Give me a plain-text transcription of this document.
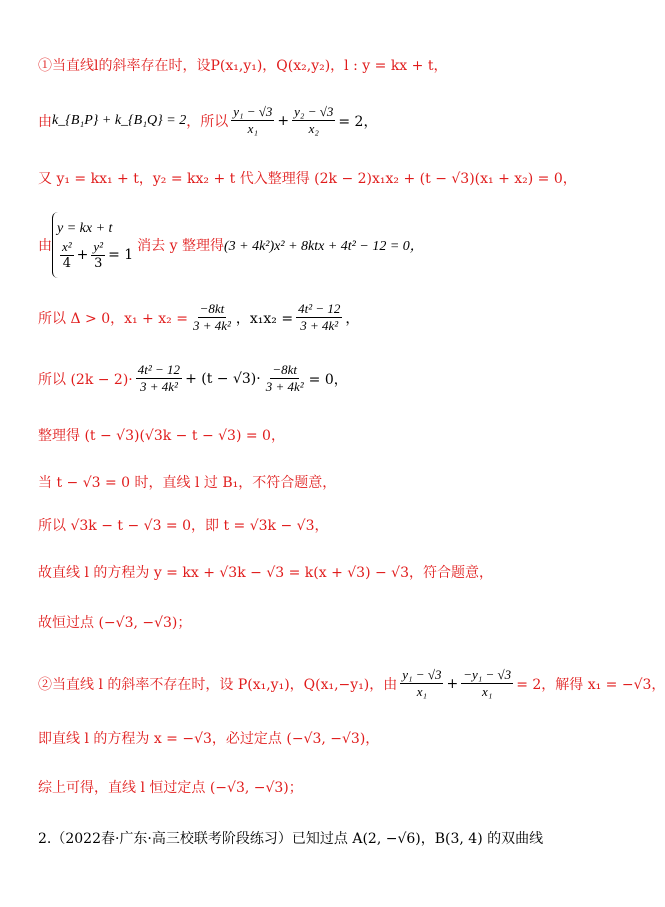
①当直线l的斜率存在时，设P(x₁,y₁)，Q(x₂,y₂)，l : y = kx + t，
由 k_{B₁P} + k_{B₁Q} = 2 ，所以 $\frac{\text{y₁ − √3}}{\text{x₁}} + \frac{\text{y₂ − √3}}{\text{x₂}} = 2$，
又 y₁ = kx₁ + t，y₂ = kx₂ + t 代入整理得 (2k − 2)x₁x₂ + (t − √3)(x₁ + x₂) = 0，
由
y = kx + t
$\frac{\text{x²}}{4} + \frac{\text{y²}}{3} = 1$
消去 y 整理得 (3 + 4k²)x² + 8ktx + 4t² − 12 = 0，
所以 Δ > 0，$x_1 + x_2 = \frac{-8kt}{\text{3 + 4k²}}$ ，$x_1x_2 = \frac{\text{4t² − 12}}{\text{3 + 4k²}}$ ，
所以 $(2k - 2)\cdot \frac{\text{4t² − 12}}{\text{3 + 4k²}} + (t - √3)\cdot \frac{-8kt}{\text{3 + 4k²}} = 0$，
整理得 (t − √3)(√3k − t − √3) = 0，
当 t − √3 = 0 时，直线 l 过 B₁，不符合题意，
所以 √3k − t − √3 = 0，即 t = √3k − √3，
故直线 l 的方程为 y = kx + √3k − √3 = k(x + √3) − √3，符合题意，
故恒过点 (−√3, −√3)；
②当直线 l 的斜率不存在时，设 P(x₁,y₁)，Q(x₁,−y₁)，由 $\frac{\text{y₁ − √3}}{\text{x₁}} + \frac{\text{−y₁ − √3}}{\text{x₁}} = 2$，解得 x₁ = −√3，
即直线 l 的方程为 x = −√3，必过定点 (−√3, −√3)，
综上可得，直线 l 恒过定点 (−√3, −√3)；
2.（2022春·广东·高三校联考阶段练习）已知过点 A(2, −√6)，B(3, 4) 的双曲线
